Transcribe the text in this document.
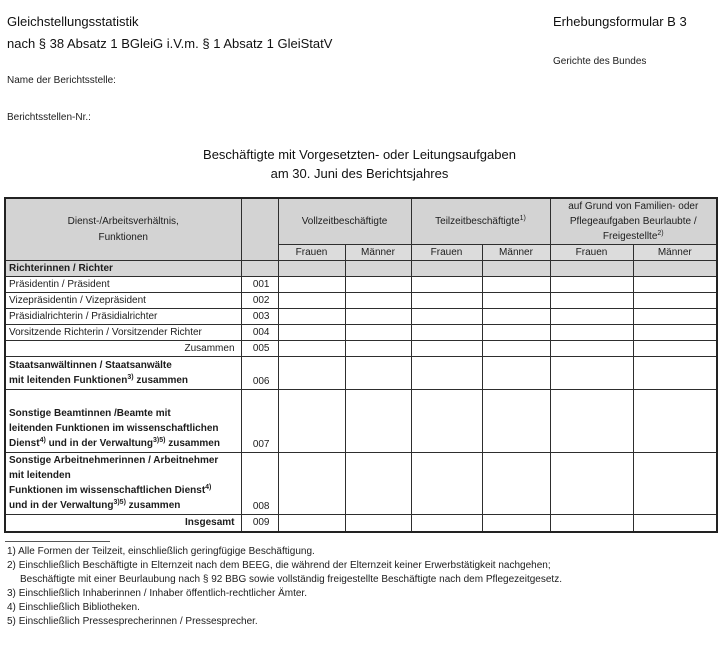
Gleichstellungsstatistik
nach § 38 Absatz 1 BGleiG i.V.m. § 1 Absatz 1 GleiStatV
Erhebungsformular B 3
Gerichte des Bundes
Name der Berichtsstelle:
Berichtsstellen-Nr.:
Beschäftigte mit Vorgesetzten- oder Leitungsaufgaben
am 30. Juni des Berichtsjahres
Dienst-/Arbeitsverhältnis,
Funktionen		Vollzeitbeschäftigte		Teilzeitbeschäftigte$^{1)}$		auf Grund von Familien- oder
Pflegeaufgaben Beurlaubte /
Freigestellte$^{2)}$
		Frauen	Männer	Frauen	Männer	Frauen	Männer
Richterinnen / Richter							
Präsidentin / Präsident	001						
Vizepräsidentin / Vizepräsident	002						
Präsidialrichterin / Präsidialrichter	003						
Vorsitzende Richterin / Vorsitzender Richter	004						
Zusammen	005						

Staatsanwältinnen / Staatsanwälte
mit leitenden Funktionen$^{3)}$ zusammen	006						

Sonstige Beamtinnen /Beamte mit
leitenden Funktionen im wissenschaftlichen
Dienst$^{4)}$ und in der Verwaltung$^{3)5)}$ zusammen	007						

Sonstige Arbeitnehmerinnen / Arbeitnehmer
mit leitenden
Funktionen im wissenschaftlichen Dienst$^{4)}$
und in der Verwaltung$^{3)5)}$ zusammen	008						
Insgesamt	009						
1) Alle Formen der Teilzeit, einschließlich geringfügige Beschäftigung.
2) Einschließlich Beschäftigte in Elternzeit nach dem BEEG, die während der Elternzeit keiner Erwerbstätigkeit nachgehen;
Beschäftigte mit einer Beurlaubung nach § 92 BBG sowie vollständig freigestellte Beschäftigte nach dem Pflegezeitgesetz.
3) Einschließlich Inhaberinnen / Inhaber öffentlich-rechtlicher Ämter.
4) Einschließlich Bibliotheken.
5) Einschließlich Pressesprecherinnen / Pressesprecher.
